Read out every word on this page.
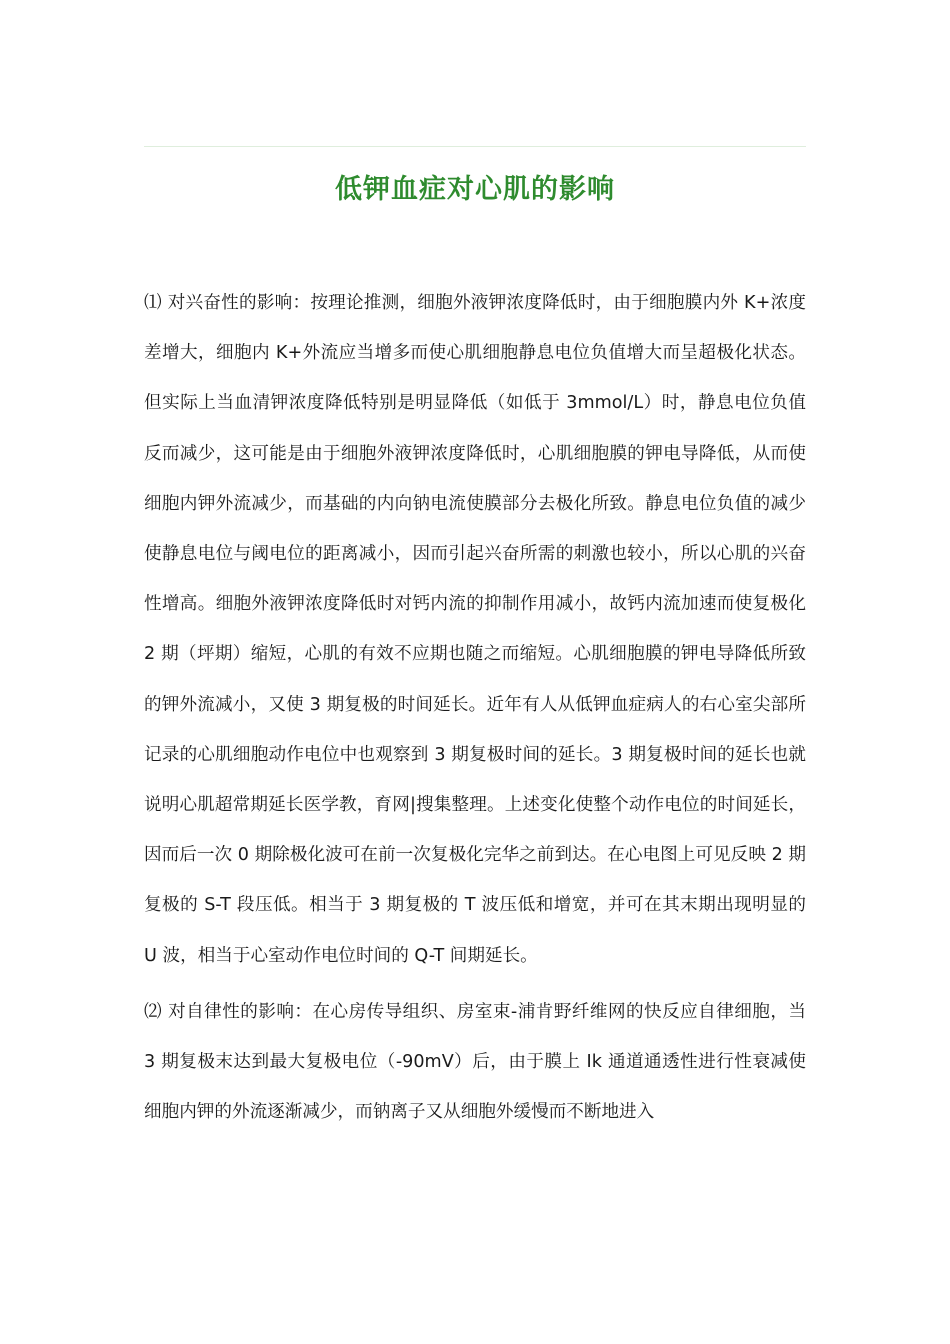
低钾血症对心肌的影响

⑴ 对兴奋性的影响：按理论推测，细胞外液钾浓度降低时，由于细胞膜内外 K+浓度差增大，细胞内 K+外流应当增多而使心肌细胞静息电位负值增大而呈超极化状态。但实际上当血清钾浓度降低特别是明显降低（如低于 3mmol/L）时，静息电位负值反而减少，这可能是由于细胞外液钾浓度降低时，心肌细胞膜的钾电导降低，从而使细胞内钾外流减少，而基础的内向钠电流使膜部分去极化所致。静息电位负值的减少使静息电位与阈电位的距离减小，因而引起兴奋所需的刺激也较小，所以心肌的兴奋性增高。细胞外液钾浓度降低时对钙内流的抑制作用减小，故钙内流加速而使复极化 2 期（坪期）缩短，心肌的有效不应期也随之而缩短。心肌细胞膜的钾电导降低所致的钾外流减小，又使 3 期复极的时间延长。近年有人从低钾血症病人的右心室尖部所记录的心肌细胞动作电位中也观察到 3 期复极时间的延长。3 期复极时间的延长也就说明心肌超常期延长医学教，育网|搜集整理。上述变化使整个动作电位的时间延长，因而后一次 0 期除极化波可在前一次复极化完华之前到达。在心电图上可见反映 2 期复极的 S-T 段压低。相当于 3 期复极的 T 波压低和增宽，并可在其末期出现明显的 U 波，相当于心室动作电位时间的 Q-T 间期延长。

⑵ 对自律性的影响：在心房传导组织、房室束-浦肯野纤维网的快反应自律细胞，当 3 期复极末达到最大复极电位（-90mV）后，由于膜上 Ik 通道通透性进行性衰减使细胞内钾的外流逐渐减少，而钠离子又从细胞外缓慢而不断地进入
